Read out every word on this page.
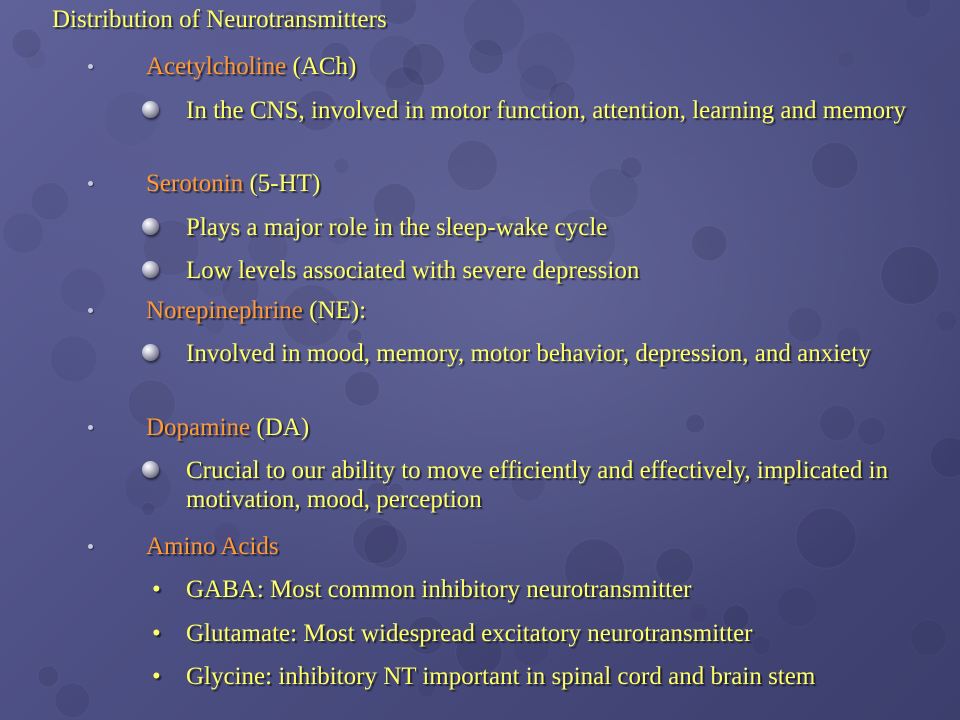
Distribution of Neurotransmitters
Acetylcholine (ACh)
In the CNS, involved in motor function, attention, learning and memory
Serotonin (5-HT)
Plays a major role in the sleep-wake cycle
Low levels associated with severe depression
Norepinephrine (NE):
Involved in mood, memory, motor behavior, depression, and anxiety
Dopamine (DA)
Crucial to our ability to move efficiently and effectively, implicated in motivation, mood, perception
Amino Acids
• GABA: Most common inhibitory neurotransmitter
• Glutamate: Most widespread excitatory neurotransmitter
• Glycine: inhibitory NT important in spinal cord and brain stem
